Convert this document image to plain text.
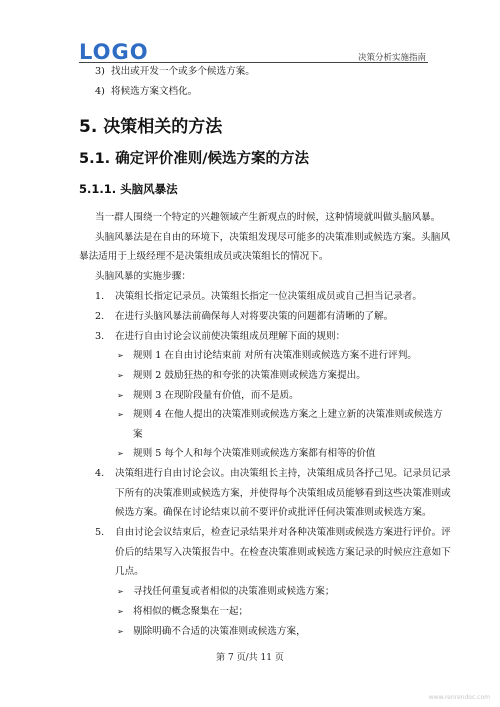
LOGO	决策分析实施指南
3) 找出或开发一个或多个候选方案。
4) 将候选方案文档化。
5. 决策相关的方法
5.1. 确定评价准则/候选方案的方法
5.1.1. 头脑风暴法
当一群人围绕一个特定的兴趣领域产生新观点的时候，这种情境就叫做头脑风暴。
头脑风暴法是在自由的环境下，决策组发现尽可能多的决策准则或候选方案。头脑风
暴法适用于上级经理不是决策组成员或决策组长的情况下。
头脑风暴的实施步骤：
1. 决策组长指定记录员。决策组长指定一位决策组成员或自己担当记录者。
2. 在进行头脑风暴法前确保每人对将要决策的问题都有清晰的了解。
3. 在进行自由讨论会议前使决策组成员理解下面的规则：
➢ 规则 1 在自由讨论结束前 对所有决策准则或候选方案不进行评判。
➢ 规则 2 鼓励狂热的和夸张的决策准则或候选方案提出。
➢ 规则 3 在现阶段量有价值，而不是质。
➢ 规则 4 在他人提出的决策准则或候选方案之上建立新的决策准则或候选方
案
➢ 规则 5 每个人和每个决策准则或候选方案都有相等的价值
4. 决策组进行自由讨论会议。由决策组长主持，决策组成员各抒己见。记录员记录
下所有的决策准则或候选方案，并使得每个决策组成员能够看到这些决策准则或
候选方案。确保在讨论结束以前不要评价或批评任何决策准则或候选方案。
5. 自由讨论会议结束后，检查记录结果并对各种决策准则或候选方案进行评价。评
价后的结果写入决策报告中。在检查决策准则或候选方案记录的时候应注意如下
几点。
➢ 寻找任何重复或者相似的决策准则或候选方案；
➢ 将相似的概念聚集在一起；
➢ 剔除明确不合适的决策准则或候选方案，
第 7 页/共 11 页
www.renrendoc.com
